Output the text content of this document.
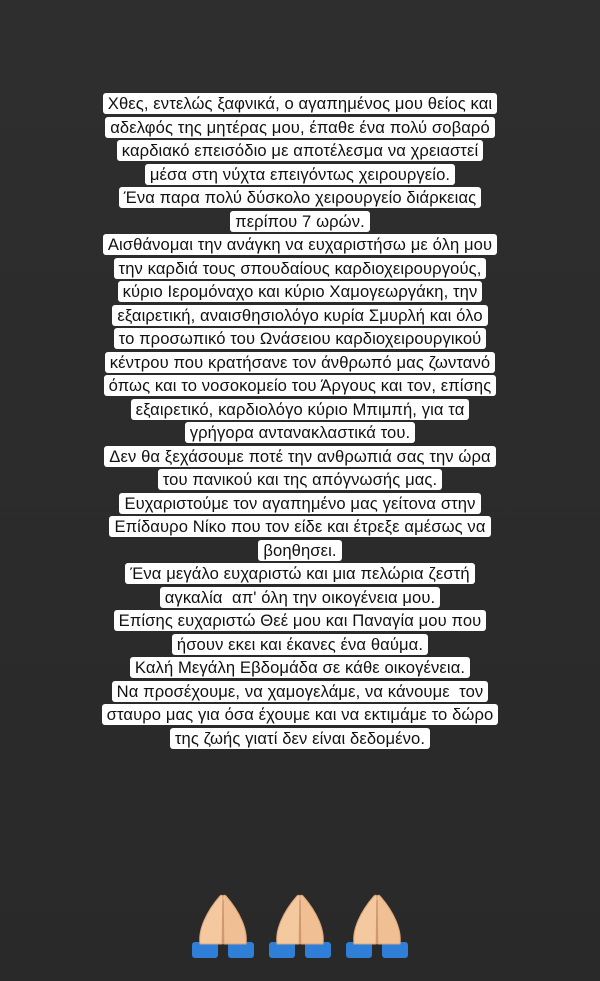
Χθες, εντελώς ξαφνικά, ο αγαπημένος μου θείος και
αδελφός της μητέρας μου, έπαθε ένα πολύ σοβαρό
καρδιακό επεισόδιο με αποτέλεσμα να χρειαστεί
μέσα στη νύχτα επειγόντως χειρουργείο.
Ένα παρα πολύ δύσκολο χειρουργείο διάρκειας
περίπου 7 ωρών.
Αισθάνομαι την ανάγκη να ευχαριστήσω με όλη μου
την καρδιά τους σπουδαίους καρδιοχειρουργούς,
κύριο Ιερομόναχο και κύριο Χαμογεωργάκη, την
εξαιρετική, αναισθησιολόγο κυρία Σμυρλή και όλο
το προσωπικό του Ωνάσειου καρδιοχειρουργικού
κέντρου που κρατήσανε τον άνθρωπό μας ζωντανό
όπως και το νοσοκομείο του Άργους και τον, επίσης
εξαιρετικό, καρδιολόγο κύριο Μπιμπή, για τα
γρήγορα αντανακλαστικά του.
Δεν θα ξεχάσουμε ποτέ την ανθρωπιά σας την ώρα
του πανικού και της απόγνωσής μας.
Ευχαριστούμε τον αγαπημένο μας γείτονα στην
Επίδαυρο Νίκο που τον είδε και έτρεξε αμέσως να
βοηθησει.
Ένα μεγάλο ευχαριστώ και μια πελώρια ζεστή
αγκαλία  απ' όλη την οικογένεια μου.
Επίσης ευχαριστώ Θεέ μου και Παναγία μου που
ήσουν εκει και έκανες ένα θαύμα.
Καλή Μεγάλη Εβδομάδα σε κάθε οικογένεια.
Να προσέχουμε, να χαμογελάμε, να κάνουμε  τον
σταυρο μας για όσα έχουμε και να εκτιμάμε το δώρο
της ζωής γιατί δεν είναι δεδομένο.
